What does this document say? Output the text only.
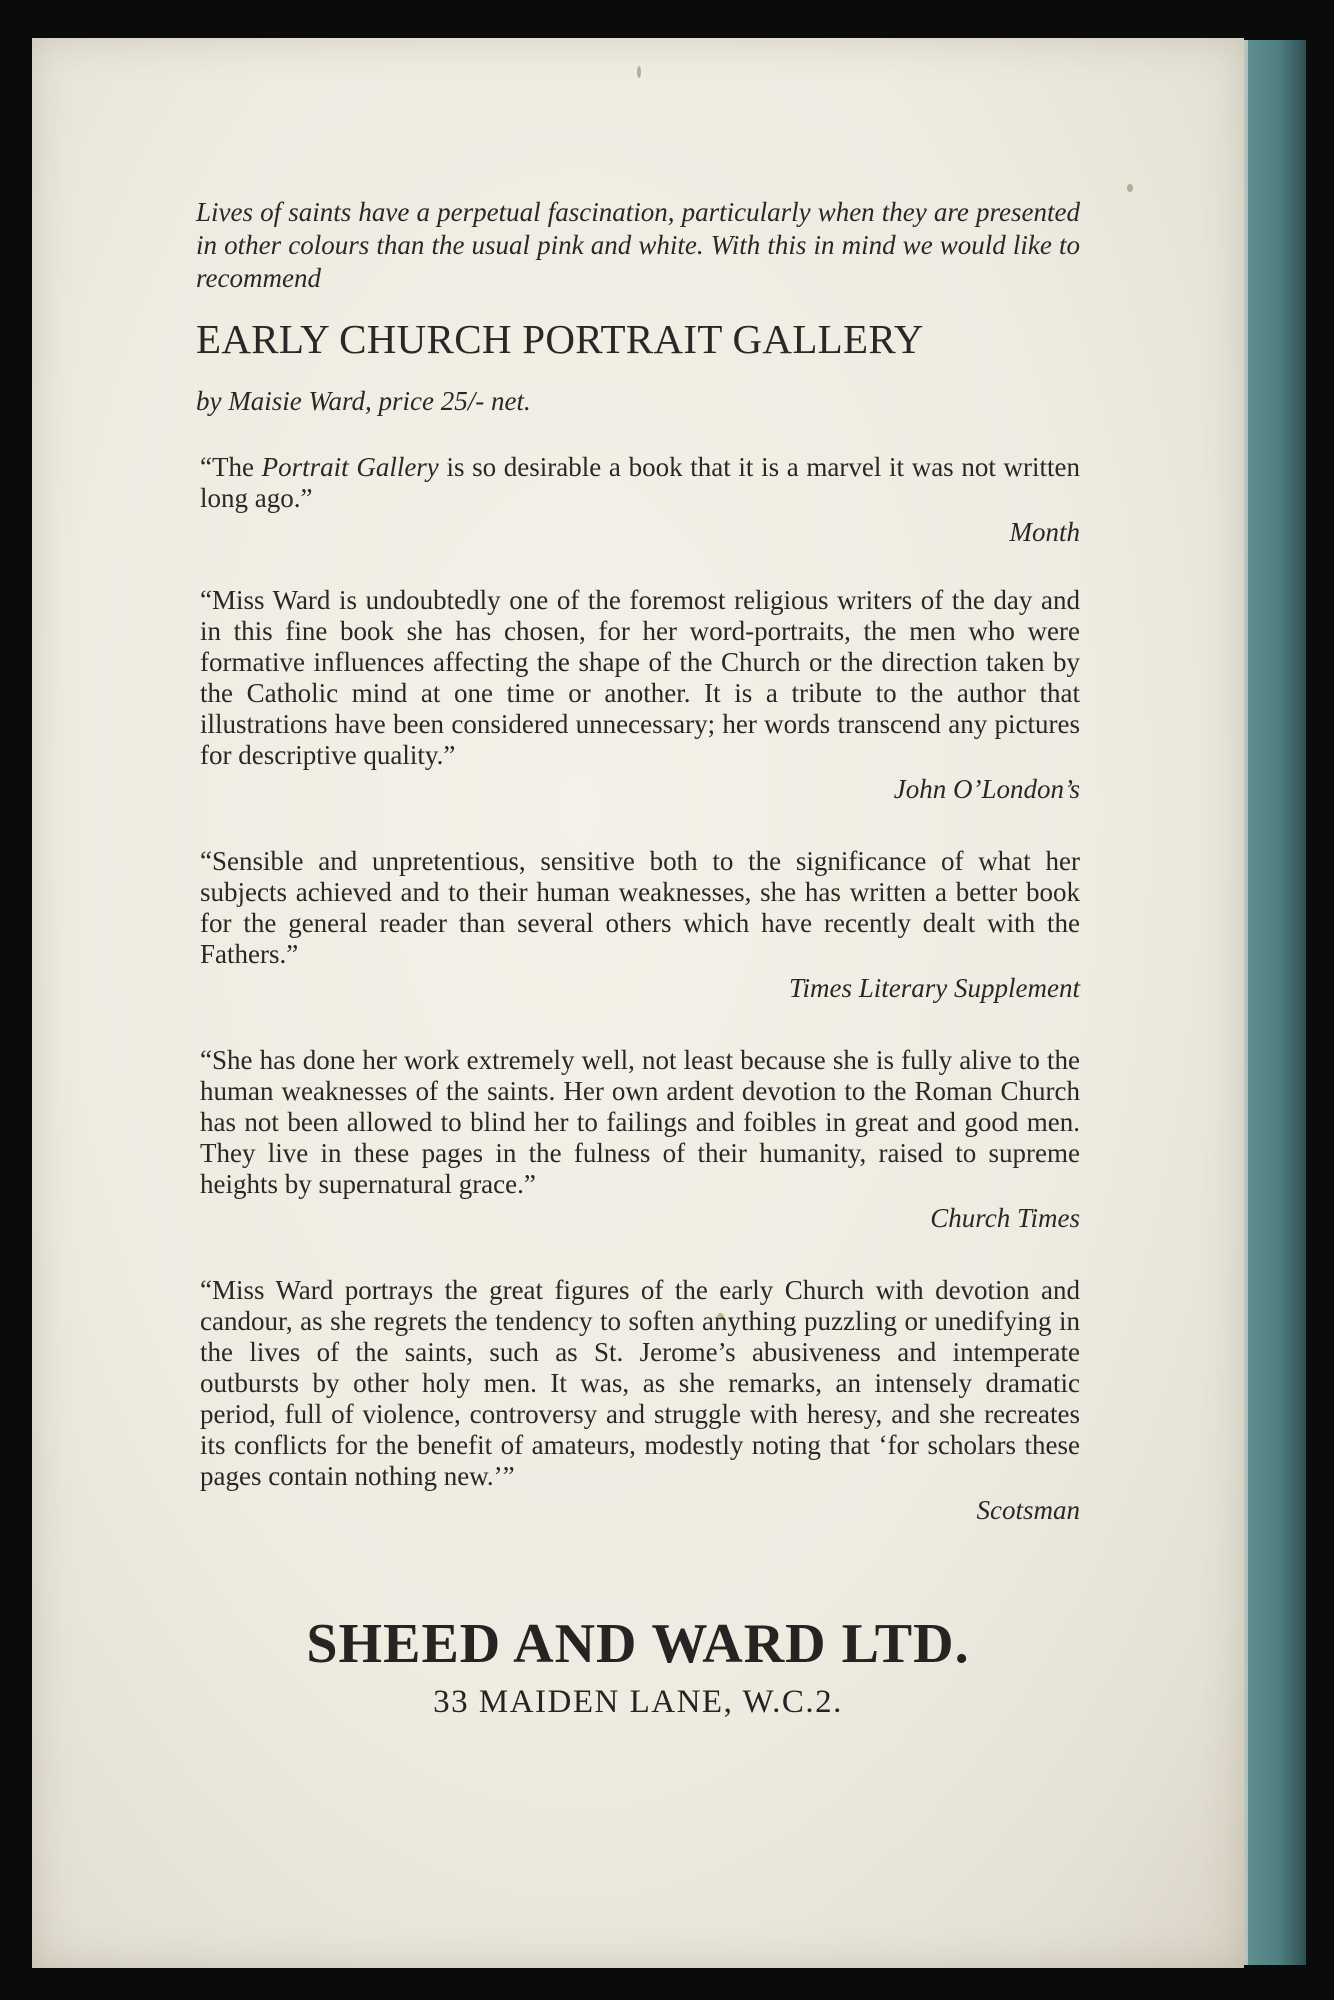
Lives of saints have a perpetual fascination, particularly when they are presented in other colours than the usual pink and white. With this in mind we would like to recommend

EARLY CHURCH PORTRAIT GALLERY

by Maisie Ward, price 25/- net.

“The Portrait Gallery is so desirable a book that it is a marvel it was not written long ago.”

Month

“Miss Ward is undoubtedly one of the foremost religious writers of the day and in this fine book she has chosen, for her word-portraits, the men who were formative influences affecting the shape of the Church or the direction taken by the Catholic mind at one time or another. It is a tribute to the author that illustrations have been considered unnecessary; her words transcend any pictures for descriptive quality.”

John O’London’s

“Sensible and unpretentious, sensitive both to the significance of what her subjects achieved and to their human weaknesses, she has written a better book for the general reader than several others which have recently dealt with the Fathers.”

Times Literary Supplement

“She has done her work extremely well, not least because she is fully alive to the human weaknesses of the saints. Her own ardent devotion to the Roman Church has not been allowed to blind her to failings and foibles in great and good men. They live in these pages in the fulness of their humanity, raised to supreme heights by supernatural grace.”

Church Times

“Miss Ward portrays the great figures of the early Church with devotion and candour, as she regrets the tendency to soften anything puzzling or unedifying in the lives of the saints, such as St. Jerome’s abusiveness and intemperate outbursts by other holy men. It was, as she remarks, an intensely dramatic period, full of violence, controversy and struggle with heresy, and she recreates its conflicts for the benefit of amateurs, modestly noting that ‘for scholars these pages contain nothing new.’”

Scotsman

SHEED AND WARD LTD.

33 MAIDEN LANE, W.C.2.
